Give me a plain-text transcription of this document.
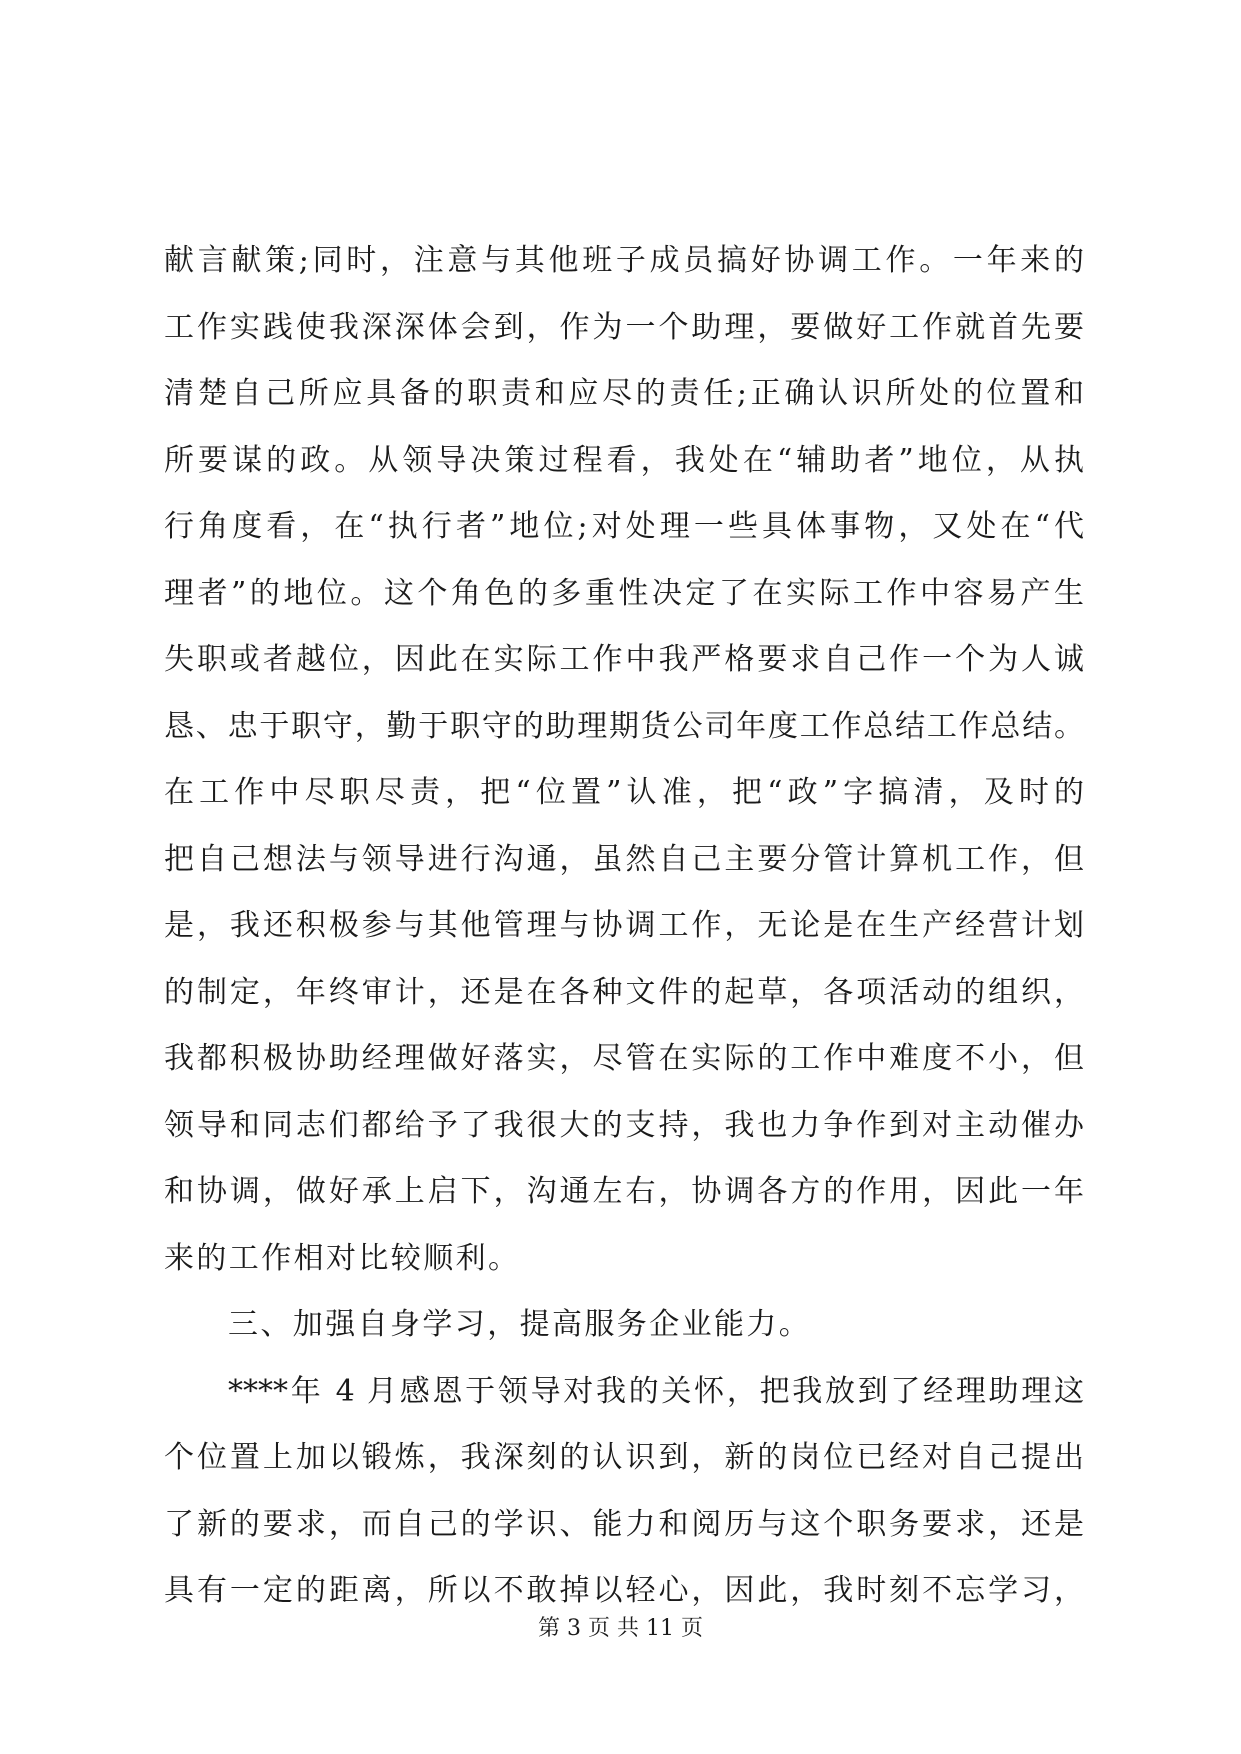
献言献策;同时，注意与其他班子成员搞好协调工作。一年来的
工作实践使我深深体会到，作为一个助理，要做好工作就首先要
清楚自己所应具备的职责和应尽的责任;正确认识所处的位置和
所要谋的政。从领导决策过程看，我处在“辅助者”地位，从执
行角度看，在“执行者”地位;对处理一些具体事物，又处在“代
理者”的地位。这个角色的多重性决定了在实际工作中容易产生
失职或者越位，因此在实际工作中我严格要求自己作一个为人诚
恳、忠于职守，勤于职守的助理期货公司年度工作总结工作总结。
在工作中尽职尽责，把“位置”认准，把“政”字搞清，及时的
把自己想法与领导进行沟通，虽然自己主要分管计算机工作，但
是，我还积极参与其他管理与协调工作，无论是在生产经营计划
的制定，年终审计，还是在各种文件的起草，各项活动的组织，
我都积极协助经理做好落实，尽管在实际的工作中难度不小，但
领导和同志们都给予了我很大的支持，我也力争作到对主动催办
和协调，做好承上启下，沟通左右，协调各方的作用，因此一年
来的工作相对比较顺利。
三、加强自身学习，提高服务企业能力。
****年 4 月感恩于领导对我的关怀，把我放到了经理助理这
个位置上加以锻炼，我深刻的认识到，新的岗位已经对自己提出
了新的要求，而自己的学识、能力和阅历与这个职务要求，还是
具有一定的距离，所以不敢掉以轻心，因此，我时刻不忘学习，
第 3 页 共 11 页
